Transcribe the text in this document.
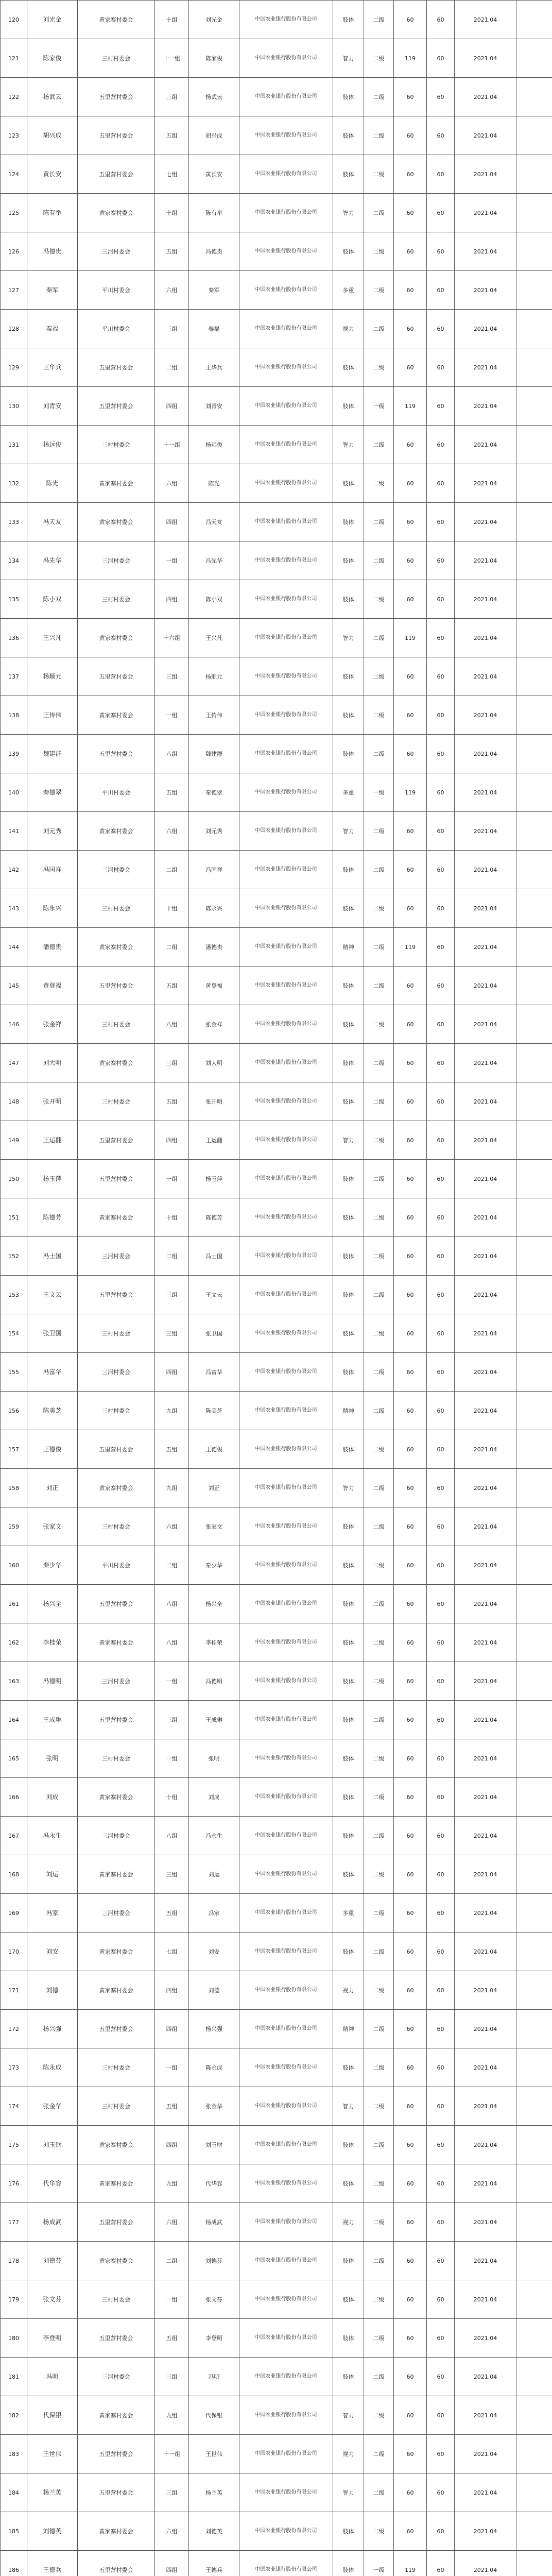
120	刘光金	黄家寨村委会	十组	刘光金	中国农业银行股份有限公司	肢体	二级	60	60	2021.04	
121	陈家俊	三村村委会	十一组	陈家俊	中国农业银行股份有限公司	智力	二级	119	60	2021.04	
122	杨武云	五里营村委会	三组	杨武云	中国农业银行股份有限公司	肢体	二级	60	60	2021.04	
123	胡兴成	五里营村委会	五组	胡兴成	中国农业银行股份有限公司	肢体	二级	60	60	2021.04	
124	黄长安	五里营村委会	七组	黄长安	中国农业银行股份有限公司	肢体	二级	60	60	2021.04	
125	陈有举	黄家寨村委会	十组	陈有举	中国农业银行股份有限公司	智力	二级	60	60	2021.04	
126	冯德贵	三河村委会	五组	冯德贵	中国农业银行股份有限公司	肢体	二级	60	60	2021.04	
127	秦军	平川村委会	六组	秦军	中国农业银行股份有限公司	多重	二级	60	60	2021.04	
128	秦福	平川村委会	三组	秦福	中国农业银行股份有限公司	视力	二级	60	60	2021.04	
129	王华兵	五里营村委会	二组	王华兵	中国农业银行股份有限公司	肢体	二级	60	60	2021.04	
130	刘青安	五里营村委会	四组	刘青安	中国农业银行股份有限公司	肢体	一级	119	60	2021.04	
131	杨远俊	三村村委会	十一组	杨远俊	中国农业银行股份有限公司	智力	二级	60	60	2021.04	
132	陈光	黄家寨村委会	六组	陈光	中国农业银行股份有限公司	肢体	二级	60	60	2021.04	
133	冯天友	黄家寨村委会	四组	冯天友	中国农业银行股份有限公司	肢体	二级	60	60	2021.04	
134	冯先华	三河村委会	一组	冯先华	中国农业银行股份有限公司	肢体	二级	60	60	2021.04	
135	陈小双	三村村委会	四组	陈小双	中国农业银行股份有限公司	肢体	二级	60	60	2021.04	
136	王兴凡	黄家寨村委会	十六组	王兴凡	中国农业银行股份有限公司	智力	二级	119	60	2021.04	
137	杨顺元	五里营村委会	三组	杨顺元	中国农业银行股份有限公司	肢体	二级	60	60	2021.04	
138	王传伟	黄家寨村委会	一组	王传伟	中国农业银行股份有限公司	肢体	二级	60	60	2021.04	
139	魏建群	五里营村委会	八组	魏建群	中国农业银行股份有限公司	肢体	二级	60	60	2021.04	
140	秦德翠	平川村委会	五组	秦德翠	中国农业银行股份有限公司	多重	一级	119	60	2021.04	
141	刘元秀	黄家寨村委会	六组	刘元秀	中国农业银行股份有限公司	智力	二级	60	60	2021.04	
142	冯国祥	三河村委会	二组	冯国祥	中国农业银行股份有限公司	肢体	二级	60	60	2021.04	
143	陈永兴	三村村委会	十组	陈永兴	中国农业银行股份有限公司	肢体	二级	60	60	2021.04	
144	潘德贵	黄家寨村委会	二组	潘德贵	中国农业银行股份有限公司	精神	二级	119	60	2021.04	
145	黄登福	五里营村委会	五组	黄登福	中国农业银行股份有限公司	肢体	二级	60	60	2021.04	
146	张金祥	三村村委会	八组	张金祥	中国农业银行股份有限公司	肢体	二级	60	60	2021.04	
147	刘大明	黄家寨村委会	三组	刘大明	中国农业银行股份有限公司	肢体	二级	60	60	2021.04	
148	张开明	三村村委会	五组	张开明	中国农业银行股份有限公司	肢体	二级	60	60	2021.04	
149	王运翻	五里营村委会	四组	王运翻	中国农业银行股份有限公司	智力	二级	60	60	2021.04	
150	杨玉萍	五里营村委会	一组	杨玉萍	中国农业银行股份有限公司	肢体	二级	60	60	2021.04	
151	陈德芳	黄家寨村委会	十组	陈德芳	中国农业银行股份有限公司	肢体	二级	60	60	2021.04	
152	冯士国	三河村委会	二组	冯士国	中国农业银行股份有限公司	肢体	二级	60	60	2021.04	
153	王文云	五里营村委会	三组	王文云	中国农业银行股份有限公司	肢体	二级	60	60	2021.04	
154	张卫国	三村村委会	三组	张卫国	中国农业银行股份有限公司	肢体	二级	60	60	2021.04	
155	冯富华	三河村委会	四组	冯富华	中国农业银行股份有限公司	肢体	二级	60	60	2021.04	
156	陈美芝	三村村委会	九组	陈美芝	中国农业银行股份有限公司	精神	二级	60	60	2021.04	
157	王德俊	五里营村委会	五组	王德俊	中国农业银行股份有限公司	肢体	二级	60	60	2021.04	
158	刘正	黄家寨村委会	九组	刘正	中国农业银行股份有限公司	智力	二级	60	60	2021.04	
159	张家文	三村村委会	六组	张家文	中国农业银行股份有限公司	肢体	二级	60	60	2021.04	
160	秦少华	平川村委会	二组	秦少华	中国农业银行股份有限公司	肢体	二级	60	60	2021.04	
161	杨兴全	五里营村委会	八组	杨兴全	中国农业银行股份有限公司	肢体	二级	60	60	2021.04	
162	李桂荣	黄家寨村委会	八组	李桂荣	中国农业银行股份有限公司	肢体	二级	60	60	2021.04	
163	冯德明	三河村委会	一组	冯德明	中国农业银行股份有限公司	肢体	二级	60	60	2021.04	
164	王成琳	五里营村委会	三组	王成琳	中国农业银行股份有限公司	肢体	二级	60	60	2021.04	
165	张明	三村村委会	一组	张明	中国农业银行股份有限公司	肢体	二级	60	60	2021.04	
166	刘成	黄家寨村委会	十组	刘成	中国农业银行股份有限公司	肢体	二级	60	60	2021.04	
167	冯永生	三河村委会	八组	冯永生	中国农业银行股份有限公司	肢体	二级	60	60	2021.04	
168	刘运	黄家寨村委会	三组	刘运	中国农业银行股份有限公司	肢体	二级	60	60	2021.04	
169	冯家	三河村委会	五组	冯家	中国农业银行股份有限公司	多重	二级	60	60	2021.04	
170	刘安	黄家寨村委会	七组	刘安	中国农业银行股份有限公司	肢体	二级	60	60	2021.04	
171	刘德	黄家寨村委会	四组	刘德	中国农业银行股份有限公司	视力	二级	60	60	2021.04	
172	杨兴强	五里营村委会	四组	杨兴强	中国农业银行股份有限公司	精神	二级	60	60	2021.04	
173	陈永成	三村村委会	一组	陈永成	中国农业银行股份有限公司	肢体	二级	60	60	2021.04	
174	张金华	三村村委会	五组	张金华	中国农业银行股份有限公司	智力	二级	60	60	2021.04	
175	刘玉财	黄家寨村委会	四组	刘玉财	中国农业银行股份有限公司	肢体	二级	60	60	2021.04	
176	代华容	黄家寨村委会	九组	代华容	中国农业银行股份有限公司	肢体	二级	60	60	2021.04	
177	杨成武	五里营村委会	六组	杨成武	中国农业银行股份有限公司	视力	二级	60	60	2021.04	
178	刘德芬	黄家寨村委会	二组	刘德芬	中国农业银行股份有限公司	肢体	二级	60	60	2021.04	
179	张文芬	三村村委会	一组	张文芬	中国农业银行股份有限公司	肢体	二级	60	60	2021.04	
180	李登明	五里营村委会	五组	李登明	中国农业银行股份有限公司	肢体	二级	60	60	2021.04	
181	冯明	三河村委会	三组	冯明	中国农业银行股份有限公司	肢体	二级	60	60	2021.04	
182	代保银	黄家寨村委会	九组	代保银	中国农业银行股份有限公司	智力	二级	60	60	2021.04	
183	王世伟	五里营村委会	十一组	王世伟	中国农业银行股份有限公司	视力	二级	60	60	2021.04	
184	杨兰英	五里营村委会	三组	杨兰英	中国农业银行股份有限公司	智力	二级	60	60	2021.04	
185	刘德英	黄家寨村委会	六组	刘德英	中国农业银行股份有限公司	肢体	二级	60	60	2021.04	
186	王德兵	五里营村委会	四组	王德兵	中国农业银行股份有限公司	肢体	一级	119	60	2021.04	
